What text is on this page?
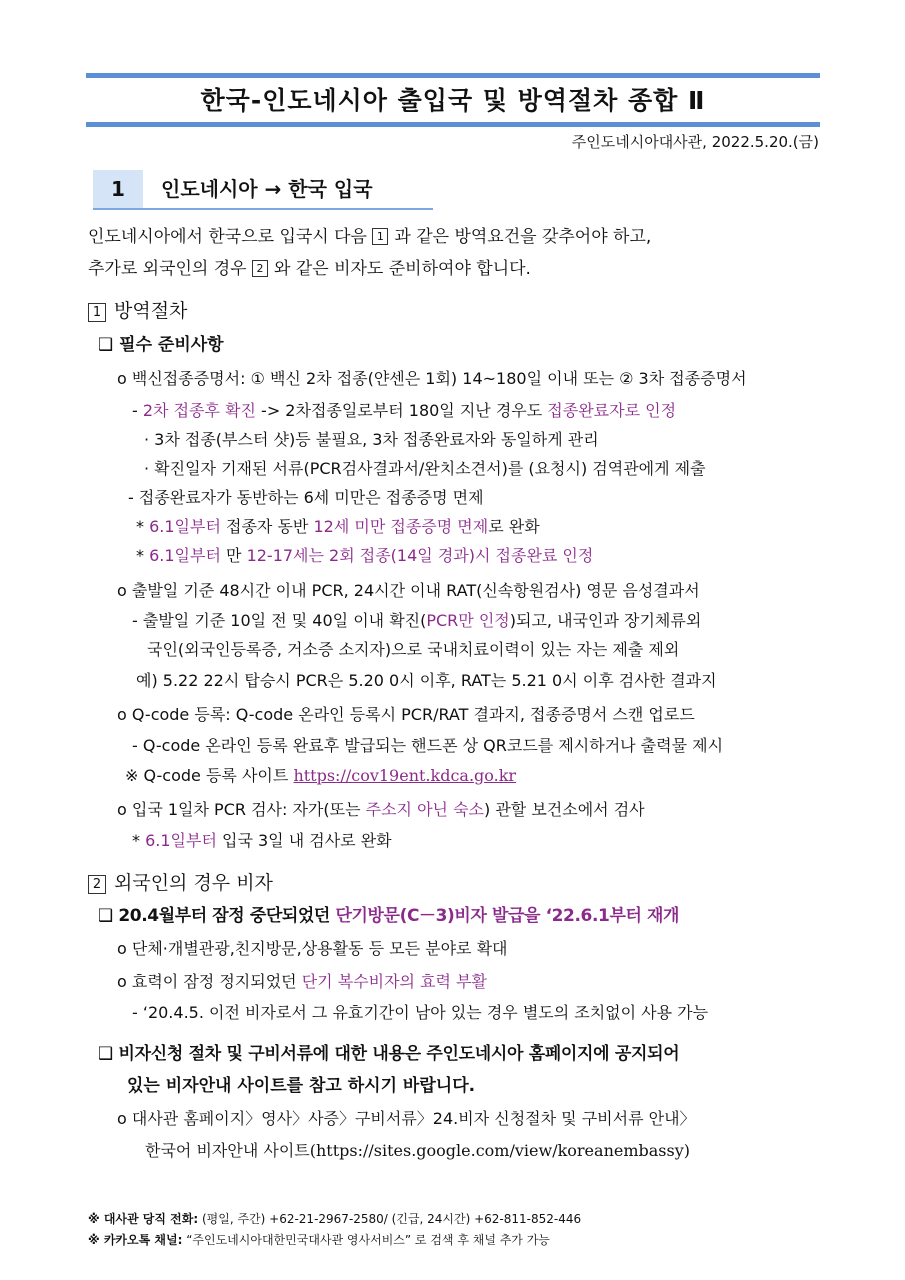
한국-인도네시아 출입국 및 방역절차 종합 Ⅱ
주인도네시아대사관, 2022.5.20.(금)
1	인도네시아 → 한국 입국
인도네시아에서 한국으로 입국시 다음 1 과 같은 방역요건을 갖추어야 하고,
추가로 외국인의 경우 2 와 같은 비자도 준비하여야 합니다.
1 방역절차
❑ 필수 준비사항
o 백신접종증명서: ① 백신 2차 접종(얀센은 1회) 14~180일 이내 또는 ② 3차 접종증명서
- 2차 접종후 확진 -> 2차접종일로부터 180일 지난 경우도 접종완료자로 인정
· 3차 접종(부스터 샷)등 불필요, 3차 접종완료자와 동일하게 관리
· 확진일자 기재된 서류(PCR검사결과서/완치소견서)를 (요청시) 검역관에게 제출
- 접종완료자가 동반하는 6세 미만은 접종증명 면제
* 6.1일부터 접종자 동반 12세 미만 접종증명 면제로 완화
* 6.1일부터 만 12-17세는 2회 접종(14일 경과)시 접종완료 인정
o 출발일 기준 48시간 이내 PCR, 24시간 이내 RAT(신속항원검사) 영문 음성결과서
- 출발일 기준 10일 전 및 40일 이내 확진(PCR만 인정)되고, 내국인과 장기체류외
국인(외국인등록증, 거소증 소지자)으로 국내치료이력이 있는 자는 제출 제외
예) 5.22 22시 탑승시 PCR은 5.20 0시 이후, RAT는 5.21 0시 이후 검사한 결과지
o Q-code 등록: Q-code 온라인 등록시 PCR/RAT 결과지, 접종증명서 스캔 업로드
- Q-code 온라인 등록 완료후 발급되는 핸드폰 상 QR코드를 제시하거나 출력물 제시
※ Q-code 등록 사이트 https://cov19ent.kdca.go.kr
o 입국 1일차 PCR 검사: 자가(또는 주소지 아닌 숙소) 관할 보건소에서 검사
* 6.1일부터 입국 3일 내 검사로 완화
2 외국인의 경우 비자
❑ 20.4월부터 잠정 중단되었던 단기방문(C－3)비자 발급을 ‘22.6.1부터 재개
o 단체·개별관광,친지방문,상용활동 등 모든 분야로 확대
o 효력이 잠정 정지되었던 단기 복수비자의 효력 부활
- ‘20.4.5. 이전 비자로서 그 유효기간이 남아 있는 경우 별도의 조치없이 사용 가능
❑ 비자신청 절차 및 구비서류에 대한 내용은 주인도네시아 홈페이지에 공지되어
있는 비자안내 사이트를 참고 하시기 바랍니다.
o 대사관 홈페이지〉영사〉사증〉구비서류〉24.비자 신청절차 및 구비서류 안내〉
한국어 비자안내 사이트(https://sites.google.com/view/koreanembassy)
※ 대사관 당직 전화: (평일, 주간) +62-21-2967-2580/ (긴급, 24시간) +62-811-852-446
※ 카카오톡 채널: “주인도네시아대한민국대사관 영사서비스” 로 검색 후 채널 추가 가능
